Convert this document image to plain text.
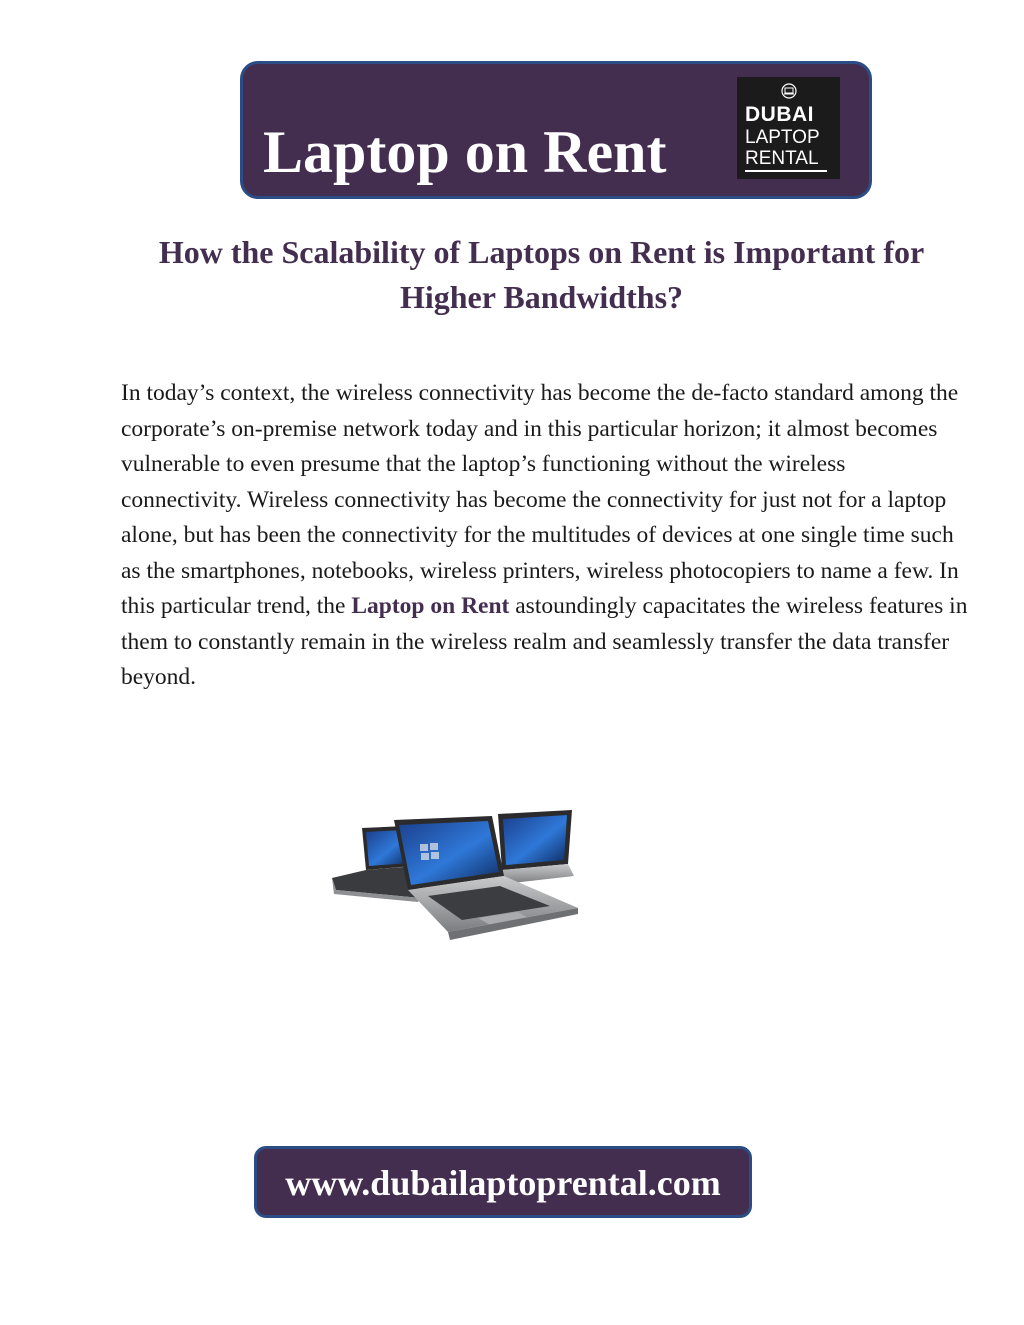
Laptop on Rent
DUBAI
LAPTOP
RENTAL
How the Scalability of Laptops on Rent is Important for Higher Bandwidths?
In today’s context, the wireless connectivity has become the de-facto standard among the corporate’s on-premise network today and in this particular horizon; it almost becomes vulnerable to even presume that the laptop’s functioning without the wireless connectivity. Wireless connectivity has become the connectivity for just not for a laptop alone, but has been the connectivity for the multitudes of devices at one single time such as the smartphones, notebooks, wireless printers, wireless photocopiers to name a few. In this particular trend, the Laptop on Rent astoundingly capacitates the wireless features in them to constantly remain in the wireless realm and seamlessly transfer the data transfer beyond.
www.dubailaptoprental.com
